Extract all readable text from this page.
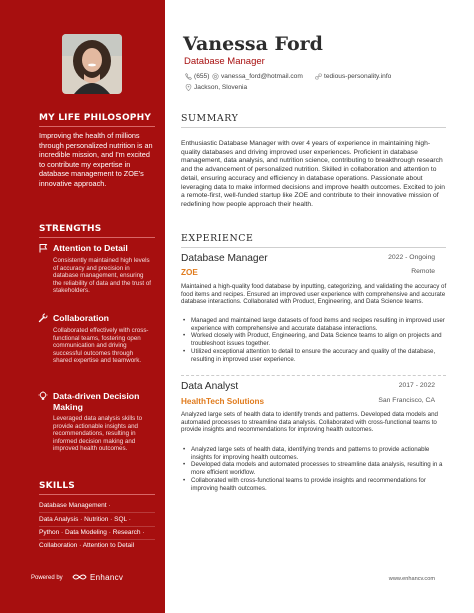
MY LIFE PHILOSOPHY
Improving the health of millions through personalized nutrition is an incredible mission, and I'm excited to contribute my expertise in database management to ZOE's innovative approach.
STRENGTHS
Attention to Detail
Consistently maintained high levels of accuracy and precision in database management, ensuring the reliability of data and the trust of stakeholders.
Collaboration
Collaborated effectively with cross-functional teams, fostering open communication and driving successful outcomes through shared expertise and teamwork.
Data-driven Decision Making
Leveraged data analysis skills to provide actionable insights and recommendations, resulting in informed decision making and improved health outcomes.
SKILLS
Database Management ·
Data Analysis · Nutrition · SQL ·
Python · Data Modeling · Research ·
Collaboration · Attention to Detail
Powered by	Enhancv
Vanessa Ford
Database Manager
(655) vanessa_ford@hotmail.com	tedious-personality.info
Jackson, Slovenia
SUMMARY
Enthusiastic Database Manager with over 4 years of experience in maintaining high-quality databases and driving improved user experiences. Proficient in database management, data analysis, and nutrition science, contributing to breakthrough research and the advancement of personalized nutrition. Skilled in collaboration and attention to detail, ensuring accuracy and efficiency in database operations. Passionate about leveraging data to make informed decisions and improve health outcomes. Excited to join a remote-first, well-funded startup like ZOE and contribute to their innovative mission of redefining how people approach their health.
EXPERIENCE
Database Manager	2022 - Ongoing
ZOE	Remote
Maintained a high-quality food database by inputting, categorizing, and validating the accuracy of food items and recipes. Ensured an improved user experience with comprehensive and accurate database interactions. Collaborated with Product, Engineering, and Data Science teams.
• Managed and maintained large datasets of food items and recipes resulting in improved user experience with comprehensive and accurate database interactions.
• Worked closely with Product, Engineering, and Data Science teams to align on projects and troubleshoot issues together.
• Utilized exceptional attention to detail to ensure the accuracy and quality of the database, resulting in improved user experience.
Data Analyst	2017 - 2022
HealthTech Solutions	San Francisco, CA
Analyzed large sets of health data to identify trends and patterns. Developed data models and automated processes to streamline data analysis. Collaborated with cross-functional teams to provide insights and recommendations for improving health outcomes.
• Analyzed large sets of health data, identifying trends and patterns to provide actionable insights for improving health outcomes.
• Developed data models and automated processes to streamline data analysis, resulting in a more efficient workflow.
• Collaborated with cross-functional teams to provide insights and recommendations for improving health outcomes.
www.enhancv.com
